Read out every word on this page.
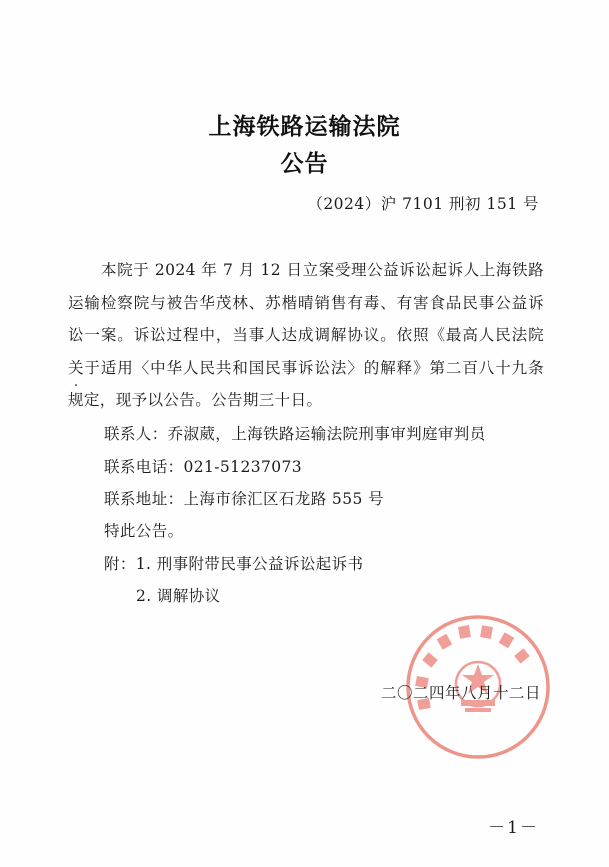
上海铁路运输法院
公告
（2024）沪 7101 刑初 151 号
本院于 2024 年 7 月 12 日立案受理公益诉讼起诉人上海铁路运输检察院与被告华茂林、苏楷晴销售有毒、有害食品民事公益诉讼一案。诉讼过程中，当事人达成调解协议。依照《最高人民法院关于适用〈中华人民共和国民事诉讼法〉的解释》第二百八十九条规定，现予以公告。公告期三十日。
联系人：乔淑葳，上海铁路运输法院刑事审判庭审判员
联系电话：021-51237073
联系地址：上海市徐汇区石龙路 555 号
特此公告。
附：1. 刑事附带民事公益诉讼起诉书
2. 调解协议
二〇二四年八月十二日
－1－
